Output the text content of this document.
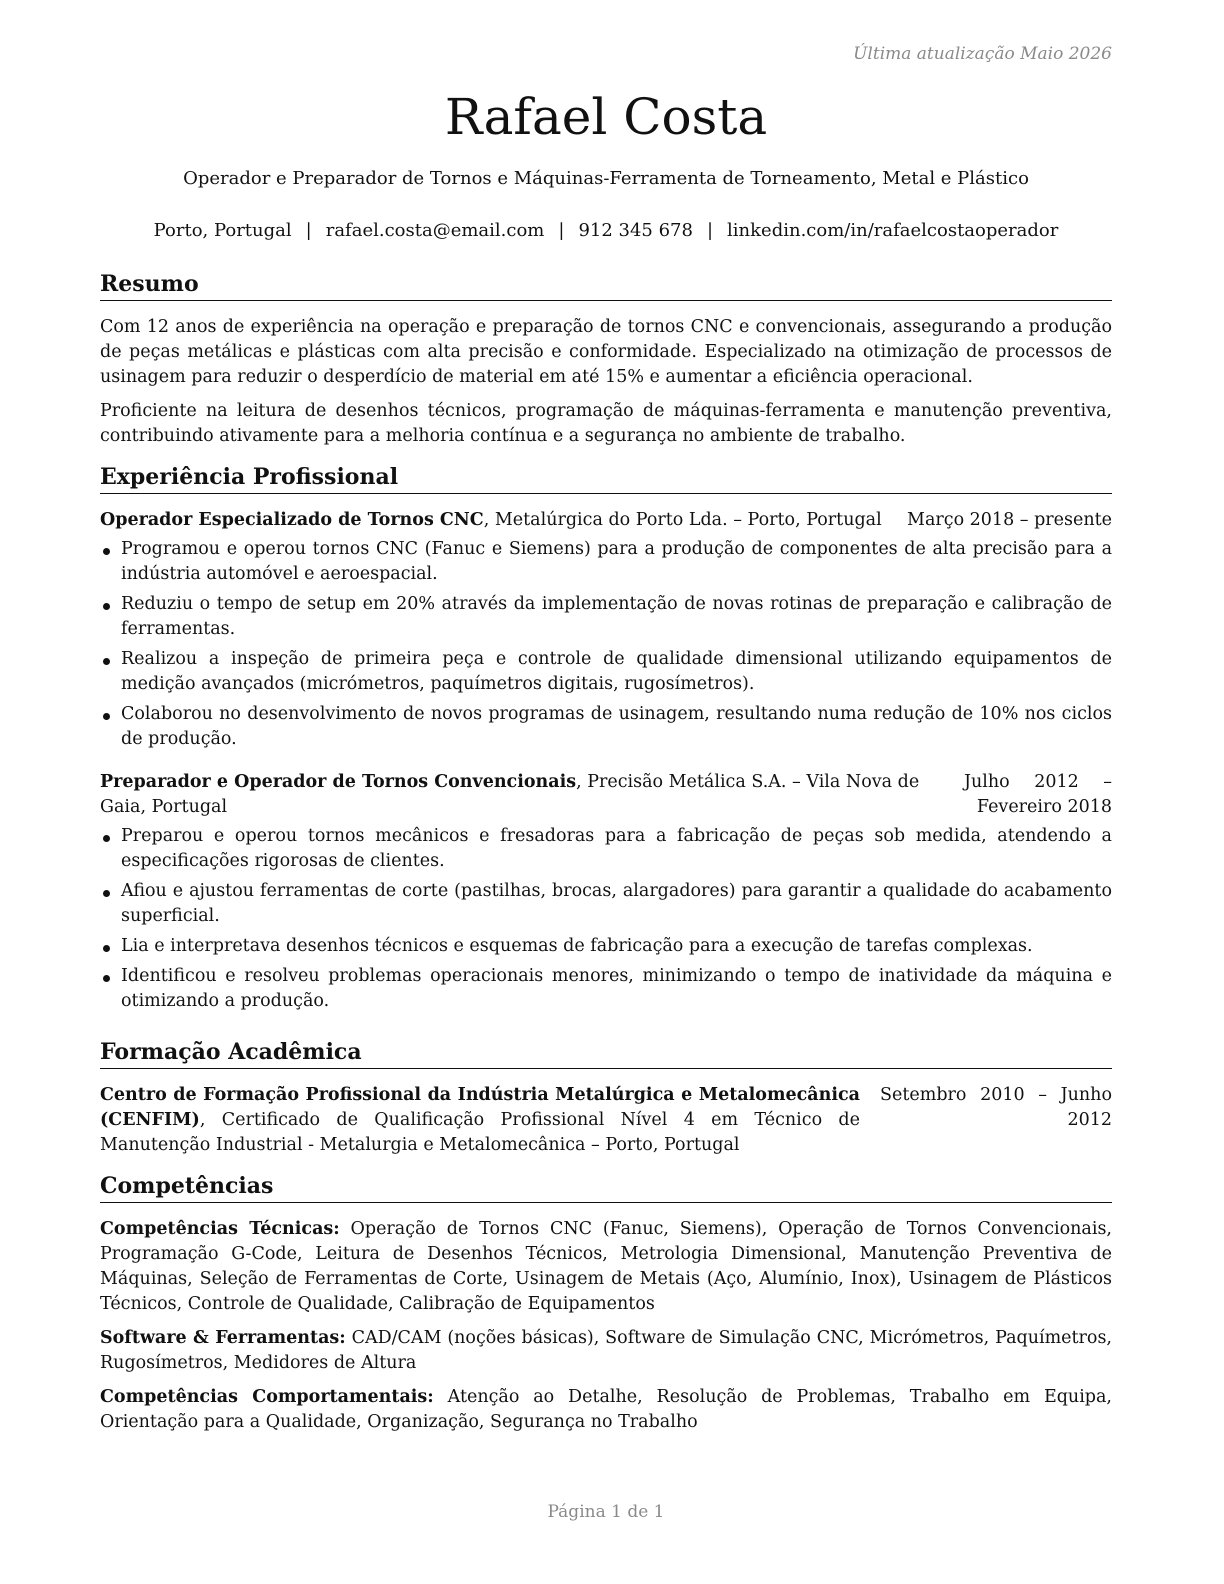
Última atualização Maio 2026
Rafael Costa
Operador e Preparador de Tornos e Máquinas-Ferramenta de Torneamento, Metal e Plástico
Porto, Portugal | rafael.costa@email.com | 912 345 678 | linkedin.com/in/rafaelcostaoperador
Resumo

Com 12 anos de experiência na operação e preparação de tornos CNC e convencionais, assegurando a produção de peças metálicas e plásticas com alta precisão e conformidade. Especializado na otimização de processos de usinagem para reduzir o desperdício de material em até 15% e aumentar a eficiência operacional.

Proficiente na leitura de desenhos técnicos, programação de máquinas-ferramenta e manutenção preventiva, contribuindo ativamente para a melhoria contínua e a segurança no ambiente de trabalho.

Experiência Profissional
Operador Especializado de Tornos CNC, Metalúrgica do Porto Lda. – Porto, Portugal	Março 2018 – presente
Programou e operou tornos CNC (Fanuc e Siemens) para a produção de componentes de alta precisão para a indústria automóvel e aeroespacial.
Reduziu o tempo de setup em 20% através da implementação de novas rotinas de preparação e calibração de ferramentas.
Realizou a inspeção de primeira peça e controle de qualidade dimensional utilizando equipamentos de medição avançados (micrómetros, paquímetros digitais, rugosímetros).
Colaborou no desenvolvimento de novos programas de usinagem, resultando numa redução de 10% nos ciclos de produção.
Preparador e Operador de Tornos Convencionais, Precisão Metálica S.A. – Vila Nova de Gaia, Portugal
Julho 2012 – Fevereiro 2018
Preparou e operou tornos mecânicos e fresadoras para a fabricação de peças sob medida, atendendo a especificações rigorosas de clientes.
Afiou e ajustou ferramentas de corte (pastilhas, brocas, alargadores) para garantir a qualidade do acabamento superficial.
Lia e interpretava desenhos técnicos e esquemas de fabricação para a execução de tarefas complexas.
Identificou e resolveu problemas operacionais menores, minimizando o tempo de inatividade da máquina e otimizando a produção.
Formação Acadêmica
Centro de Formação Profissional da Indústria Metalúrgica e Metalomecânica (CENFIM), Certificado de Qualificação Profissional Nível 4 em Técnico de Manutenção Industrial - Metalurgia e Metalomecânica – Porto, Portugal
Setembro 2010 – Junho 2012
Competências

Competências Técnicas: Operação de Tornos CNC (Fanuc, Siemens), Operação de Tornos Convencionais, Programação G-Code, Leitura de Desenhos Técnicos, Metrologia Dimensional, Manutenção Preventiva de Máquinas, Seleção de Ferramentas de Corte, Usinagem de Metais (Aço, Alumínio, Inox), Usinagem de Plásticos Técnicos, Controle de Qualidade, Calibração de Equipamentos

Software & Ferramentas: CAD/CAM (noções básicas), Software de Simulação CNC, Micrómetros, Paquímetros, Rugosímetros, Medidores de Altura

Competências Comportamentais: Atenção ao Detalhe, Resolução de Problemas, Trabalho em Equipa, Orientação para a Qualidade, Organização, Segurança no Trabalho

Página 1 de 1
